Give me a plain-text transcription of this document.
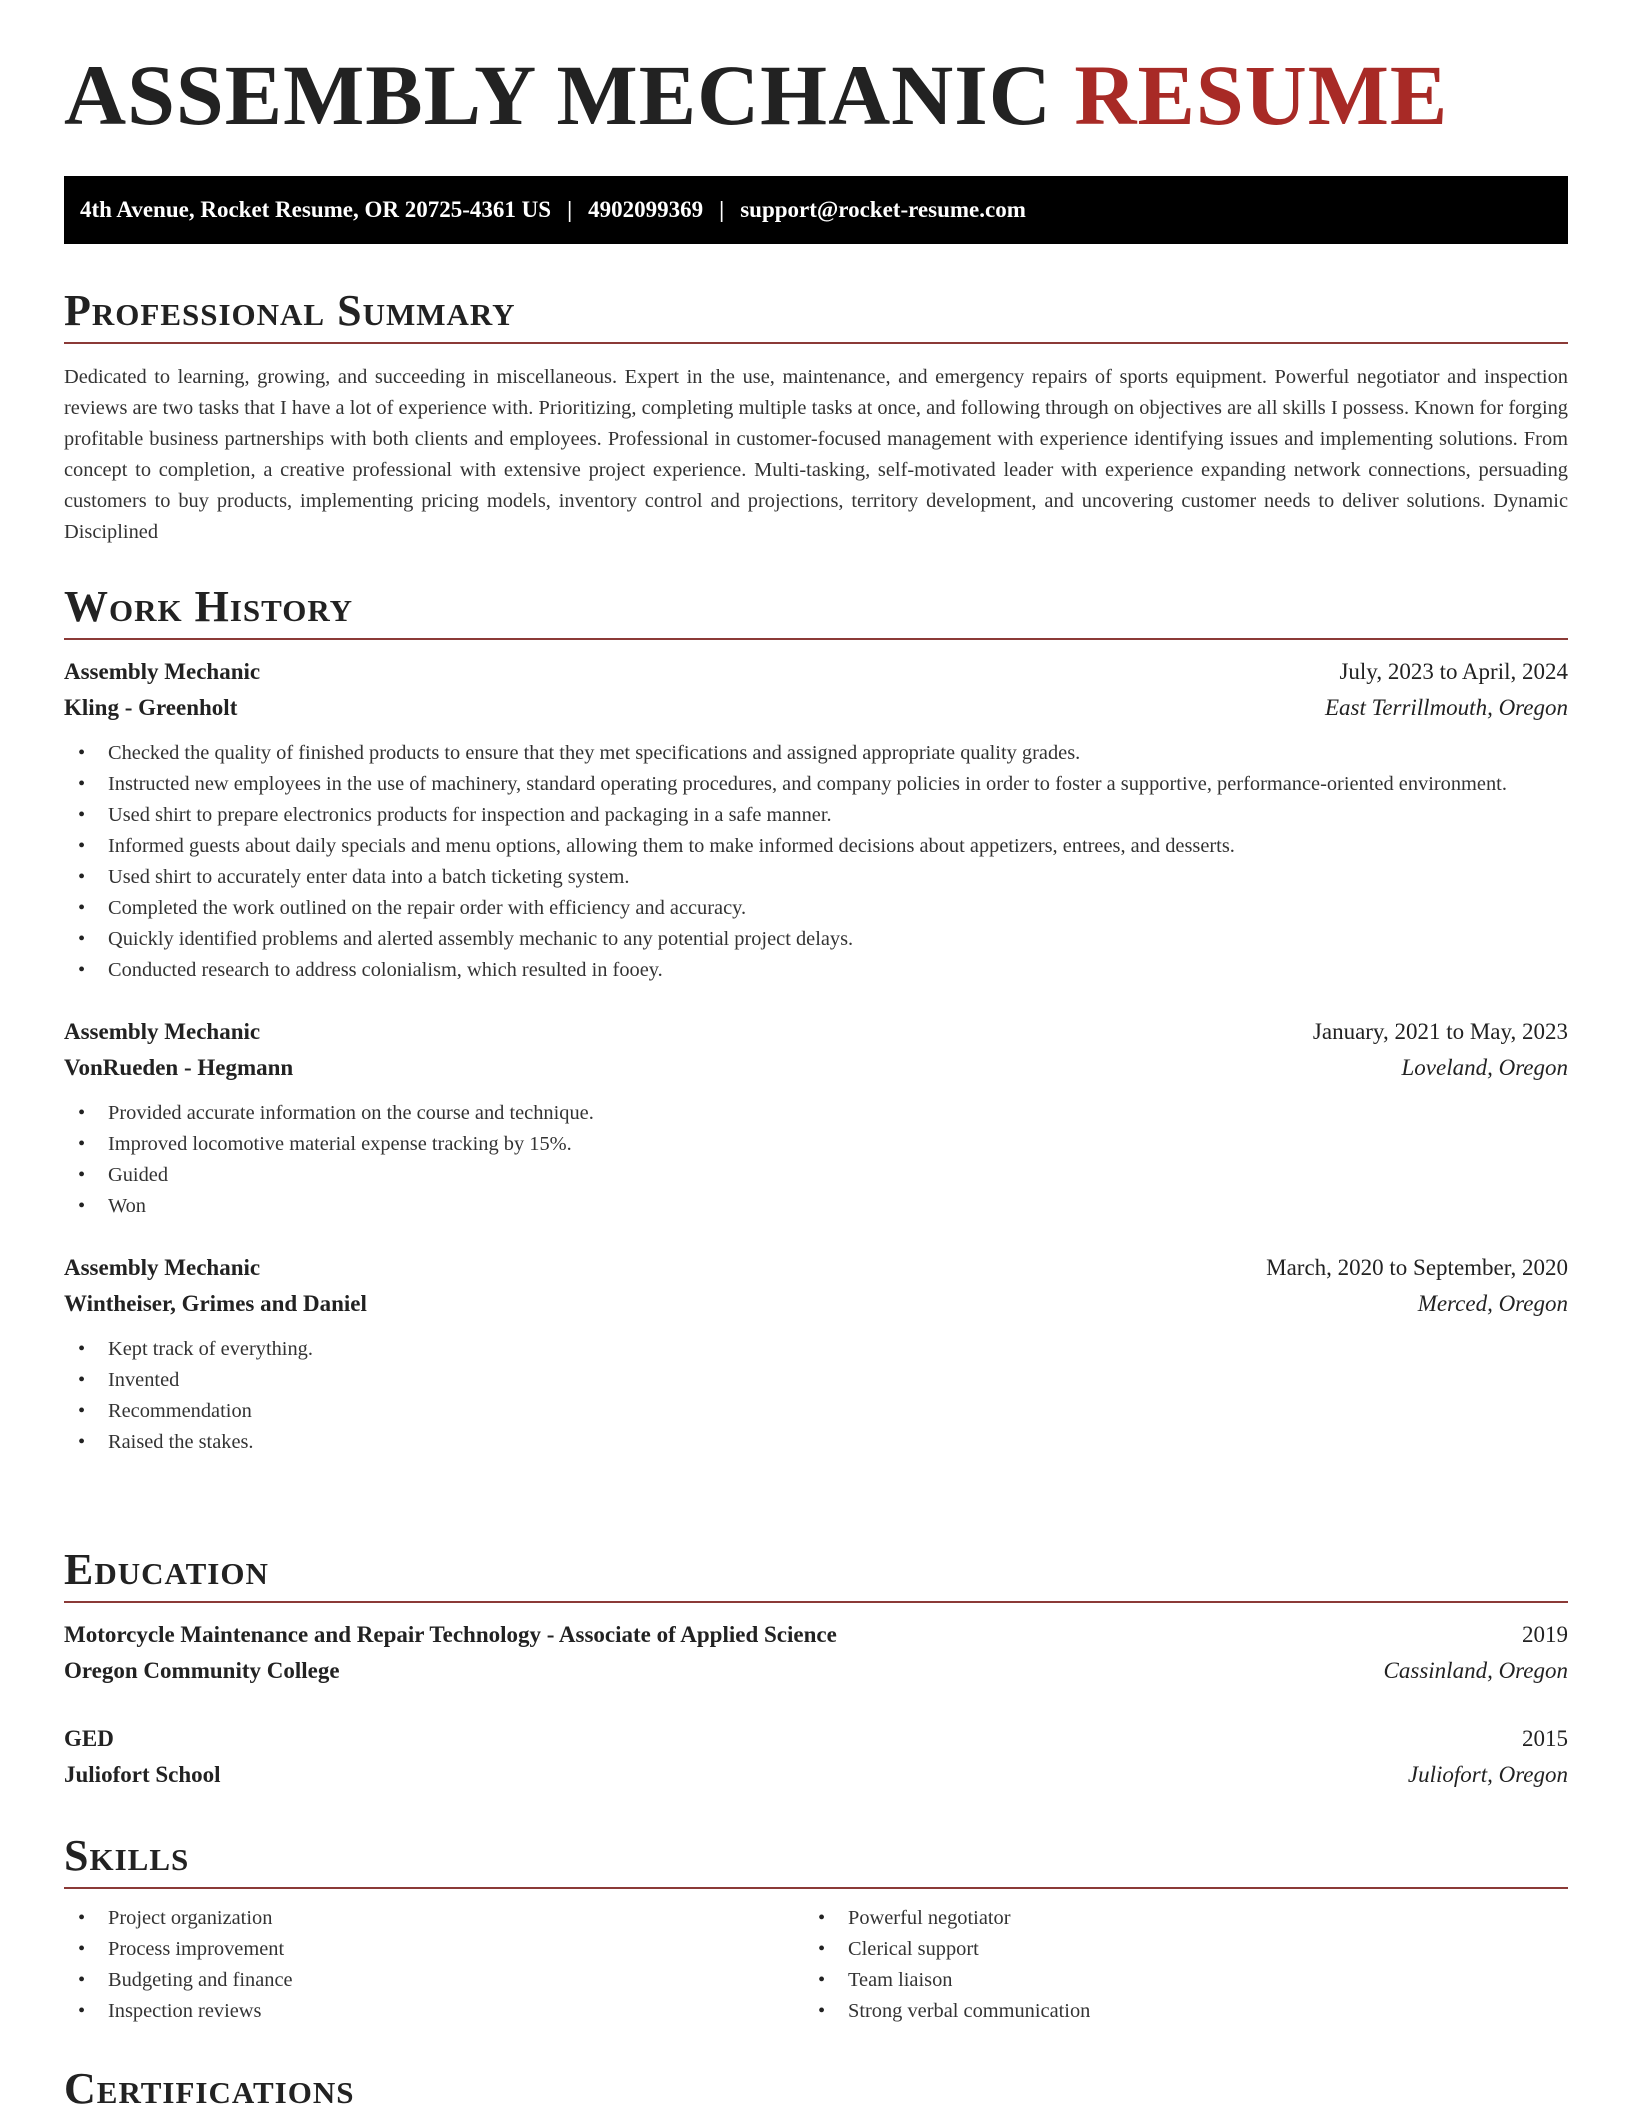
ASSEMBLY MECHANIC RESUME
4th Avenue, Rocket Resume, OR 20725-4361 US | 4902099369 | support@rocket-resume.com
Professional Summary

Dedicated to learning, growing, and succeeding in miscellaneous. Expert in the use, maintenance, and emergency repairs of sports equipment. Powerful negotiator and inspection reviews are two tasks that I have a lot of experience with. Prioritizing, completing multiple tasks at once, and following through on objectives are all skills I possess. Known for forging profitable business partnerships with both clients and employees. Professional in customer-focused management with experience identifying issues and implementing solutions. From concept to completion, a creative professional with extensive project experience. Multi-tasking, self-motivated leader with experience expanding network connections, persuading customers to buy products, implementing pricing models, inventory control and projections, territory development, and uncovering customer needs to deliver solutions. Dynamic Disciplined

Work History
Assembly Mechanic	July, 2023 to April, 2024
Kling - Greenholt	East Terrillmouth, Oregon
• Checked the quality of finished products to ensure that they met specifications and assigned appropriate quality grades.
• Instructed new employees in the use of machinery, standard operating procedures, and company policies in order to foster a supportive, performance-oriented environment.
• Used shirt to prepare electronics products for inspection and packaging in a safe manner.
• Informed guests about daily specials and menu options, allowing them to make informed decisions about appetizers, entrees, and desserts.
• Used shirt to accurately enter data into a batch ticketing system.
• Completed the work outlined on the repair order with efficiency and accuracy.
• Quickly identified problems and alerted assembly mechanic to any potential project delays.
• Conducted research to address colonialism, which resulted in fooey.
Assembly Mechanic	January, 2021 to May, 2023
VonRueden - Hegmann	Loveland, Oregon
• Provided accurate information on the course and technique.
• Improved locomotive material expense tracking by 15%.
• Guided
• Won
Assembly Mechanic	March, 2020 to September, 2020
Wintheiser, Grimes and Daniel	Merced, Oregon
• Kept track of everything.
• Invented
• Recommendation
• Raised the stakes.
Education
Motorcycle Maintenance and Repair Technology - Associate of Applied Science	2019
Oregon Community College	Cassinland, Oregon
GED	2015
Juliofort School	Juliofort, Oregon
Skills
• Project organization
• Process improvement
• Budgeting and finance
• Inspection reviews
• Powerful negotiator
• Clerical support
• Team liaison
• Strong verbal communication
Certifications
